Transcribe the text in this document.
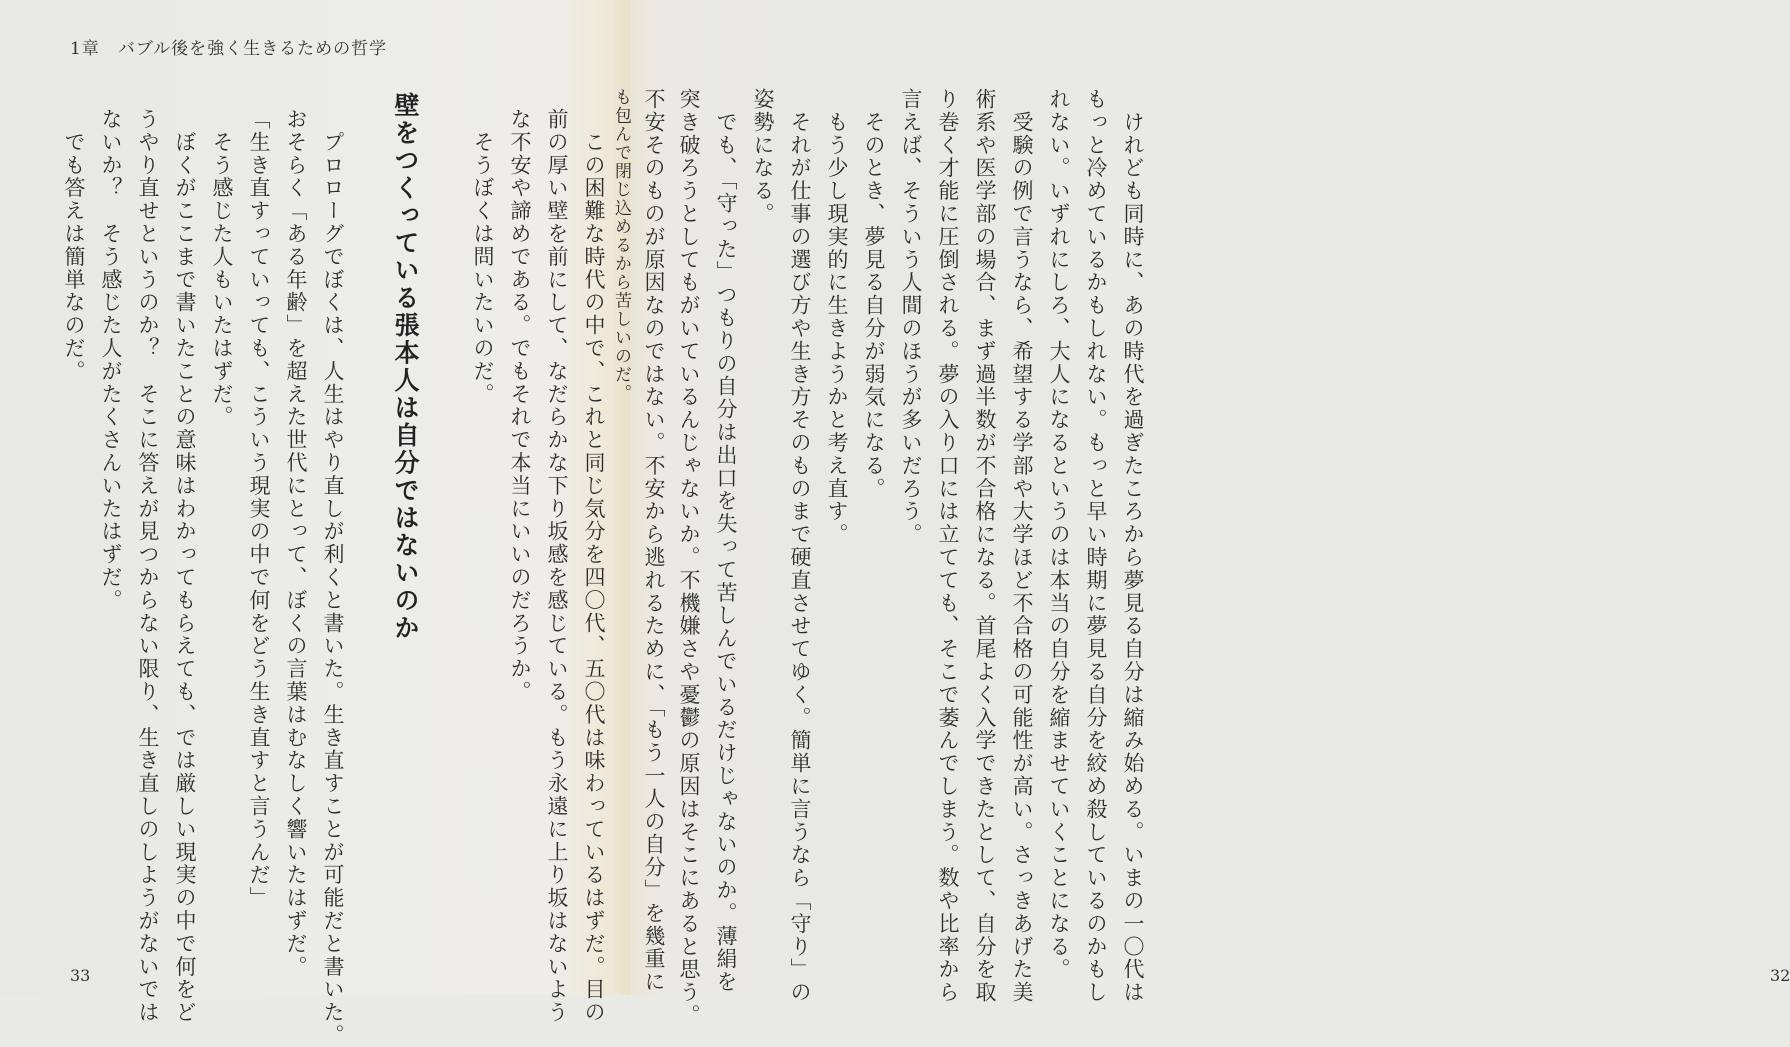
1章　バブル後を強く生きるための哲学
　この困難な時代の中で、これと同じ気分を四〇代、五〇代は味わっているはずだ。目の
前の厚い壁を前にして、なだらかな下り坂感を感じている。もう永遠に上り坂はないよう
な不安や諦めである。でもそれで本当にいいのだろうか。
　そうぼくは問いたいのだ。
壁をつくっている張本人は自分ではないのか
　プロローグでぼくは、人生はやり直しが利くと書いた。生き直すことが可能だと書いた。
おそらく「ある年齢」を超えた世代にとって、ぼくの言葉はむなしく響いたはずだ。
「生き直すっていっても、こういう現実の中で何をどう生き直すと言うんだ」
　そう感じた人もいたはずだ。
　ぼくがここまで書いたことの意味はわかってもらえても、では厳しい現実の中で何をど
うやり直せというのか？　そこに答えが見つからない限り、生き直しのしようがないでは
ないか？　そう感じた人がたくさんいたはずだ。
　でも答えは簡単なのだ。
33	　けれども同時に、あの時代を過ぎたころから夢見る自分は縮み始める。いまの一〇代は
もっと冷めているかもしれない。もっと早い時期に夢見る自分を絞め殺しているのかもし
れない。いずれにしろ、大人になるというのは本当の自分を縮ませていくことになる。
　受験の例で言うなら、希望する学部や大学ほど不合格の可能性が高い。さっきあげた美
術系や医学部の場合、まず過半数が不合格になる。首尾よく入学できたとして、自分を取
り巻く才能に圧倒される。夢の入り口には立てても、そこで萎んでしまう。数や比率から
言えば、そういう人間のほうが多いだろう。
　そのとき、夢見る自分が弱気になる。
　もう少し現実的に生きようかと考え直す。
　それが仕事の選び方や生き方そのものまで硬直させてゆく。簡単に言うなら「守り」の
姿勢になる。
　でも、「守った」つもりの自分は出口を失って苦しんでいるだけじゃないのか。薄絹を
突き破ろうとしてもがいているんじゃないか。不機嫌さや憂鬱の原因はそこにあると思う。
不安そのものが原因なのではない。不安から逃れるために、「もう一人の自分」を幾重に
も包んで閉じ込めるから苦しいのだ。
32
